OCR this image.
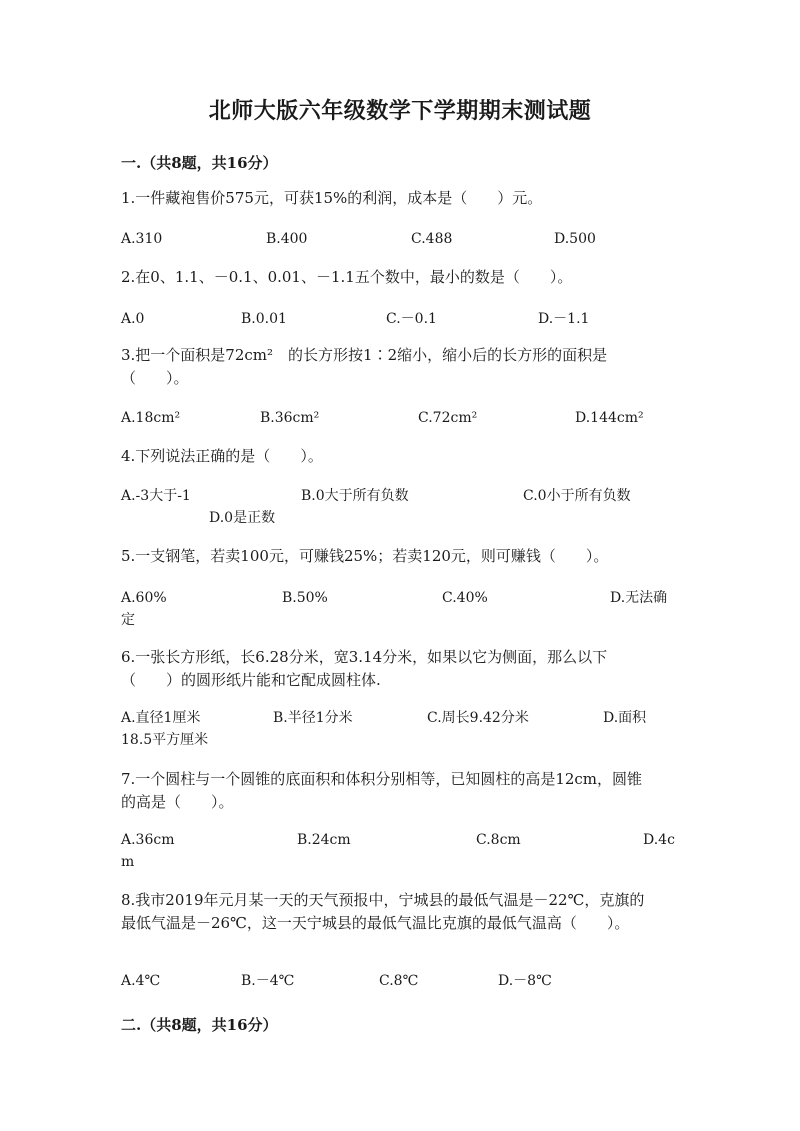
北师大版六年级数学下学期期末测试题
一.（共8题，共16分）
1.一件藏袍售价575元，可获15%的利润，成本是（　　）元。
A.310	B.400	C.488	D.500
2.在0、1.1、－0.1、0.01、－1.1五个数中，最小的数是（　　）。
A.0	B.0.01	C.－0.1	D.－1.1
3.把一个面积是72cm²　的长方形按1∶2缩小，缩小后的长方形的面积是
（　　）。
A.18cm²	B.36cm²	C.72cm²	D.144cm²
4.下列说法正确的是（　　）。
A.-3大于-1	B.0大于所有负数	C.0小于所有负数
D.0是正数
5.一支钢笔，若卖100元，可赚钱25%；若卖120元，则可赚钱（　　）。
A.60%	B.50%	C.40%	D.无法确
定
6.一张长方形纸，长6.28分米，宽3.14分米，如果以它为侧面，那么以下
（　　）的圆形纸片能和它配成圆柱体.
A.直径1厘米	B.半径1分米	C.周长9.42分米	D.面积
18.5平方厘米
7.一个圆柱与一个圆锥的底面积和体积分别相等，已知圆柱的高是12cm，圆锥
的高是（　　）。
A.36cm	B.24cm	C.8cm	D.4c
m
8.我市2019年元月某一天的天气预报中，宁城县的最低气温是－22℃，克旗的
最低气温是－26℃，这一天宁城县的最低气温比克旗的最低气温高（　　）。
A.4℃	B.－4℃	C.8℃	D.－8℃
二.（共8题，共16分）
